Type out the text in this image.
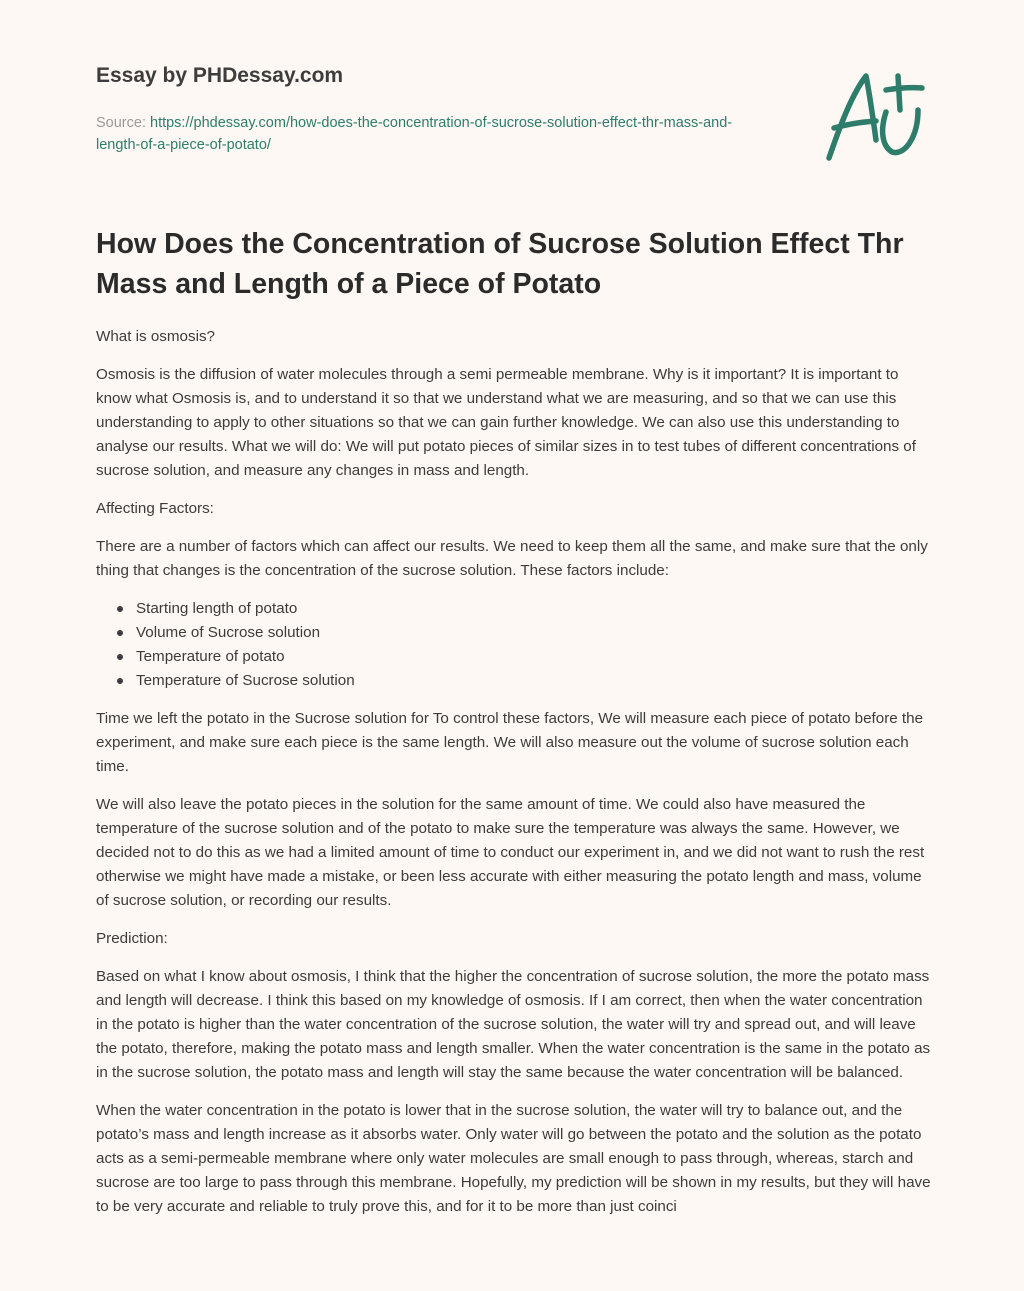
Essay by PHDessay.com
Source: https://phdessay.com/how-does-the-concentration-of-sucrose-solution-effect-thr-mass-and-length-of-a-piece-of-potato/
How Does the Concentration of Sucrose Solution Effect Thr Mass and Length of a Piece of Potato

What is osmosis?

Osmosis is the diffusion of water molecules through a semi permeable membrane. Why is it important? It is important to know what Osmosis is, and to understand it so that we understand what we are measuring, and so that we can use this understanding to apply to other situations so that we can gain further knowledge. We can also use this understanding to analyse our results. What we will do: We will put potato pieces of similar sizes in to test tubes of different concentrations of sucrose solution, and measure any changes in mass and length.

Affecting Factors:

There are a number of factors which can affect our results. We need to keep them all the same, and make sure that the only thing that changes is the concentration of the sucrose solution. These factors include:

Starting length of potato
Volume of Sucrose solution
Temperature of potato
Temperature of Sucrose solution

Time we left the potato in the Sucrose solution for To control these factors, We will measure each piece of potato before the experiment, and make sure each piece is the same length. We will also measure out the volume of sucrose solution each time.

We will also leave the potato pieces in the solution for the same amount of time. We could also have measured the temperature of the sucrose solution and of the potato to make sure the temperature was always the same. However, we decided not to do this as we had a limited amount of time to conduct our experiment in, and we did not want to rush the rest otherwise we might have made a mistake, or been less accurate with either measuring the potato length and mass, volume of sucrose solution, or recording our results.

Prediction:

Based on what I know about osmosis, I think that the higher the concentration of sucrose solution, the more the potato mass and length will decrease. I think this based on my knowledge of osmosis. If I am correct, then when the water concentration in the potato is higher than the water concentration of the sucrose solution, the water will try and spread out, and will leave the potato, therefore, making the potato mass and length smaller. When the water concentration is the same in the potato as in the sucrose solution, the potato mass and length will stay the same because the water concentration will be balanced.

When the water concentration in the potato is lower that in the sucrose solution, the water will try to balance out, and the potato’s mass and length increase as it absorbs water. Only water will go between the potato and the solution as the potato acts as a semi-permeable membrane where only water molecules are small enough to pass through, whereas, starch and sucrose are too large to pass through this membrane. Hopefully, my prediction will be shown in my results, but they will have to be very accurate and reliable to truly prove this, and for it to be more than just coinci
